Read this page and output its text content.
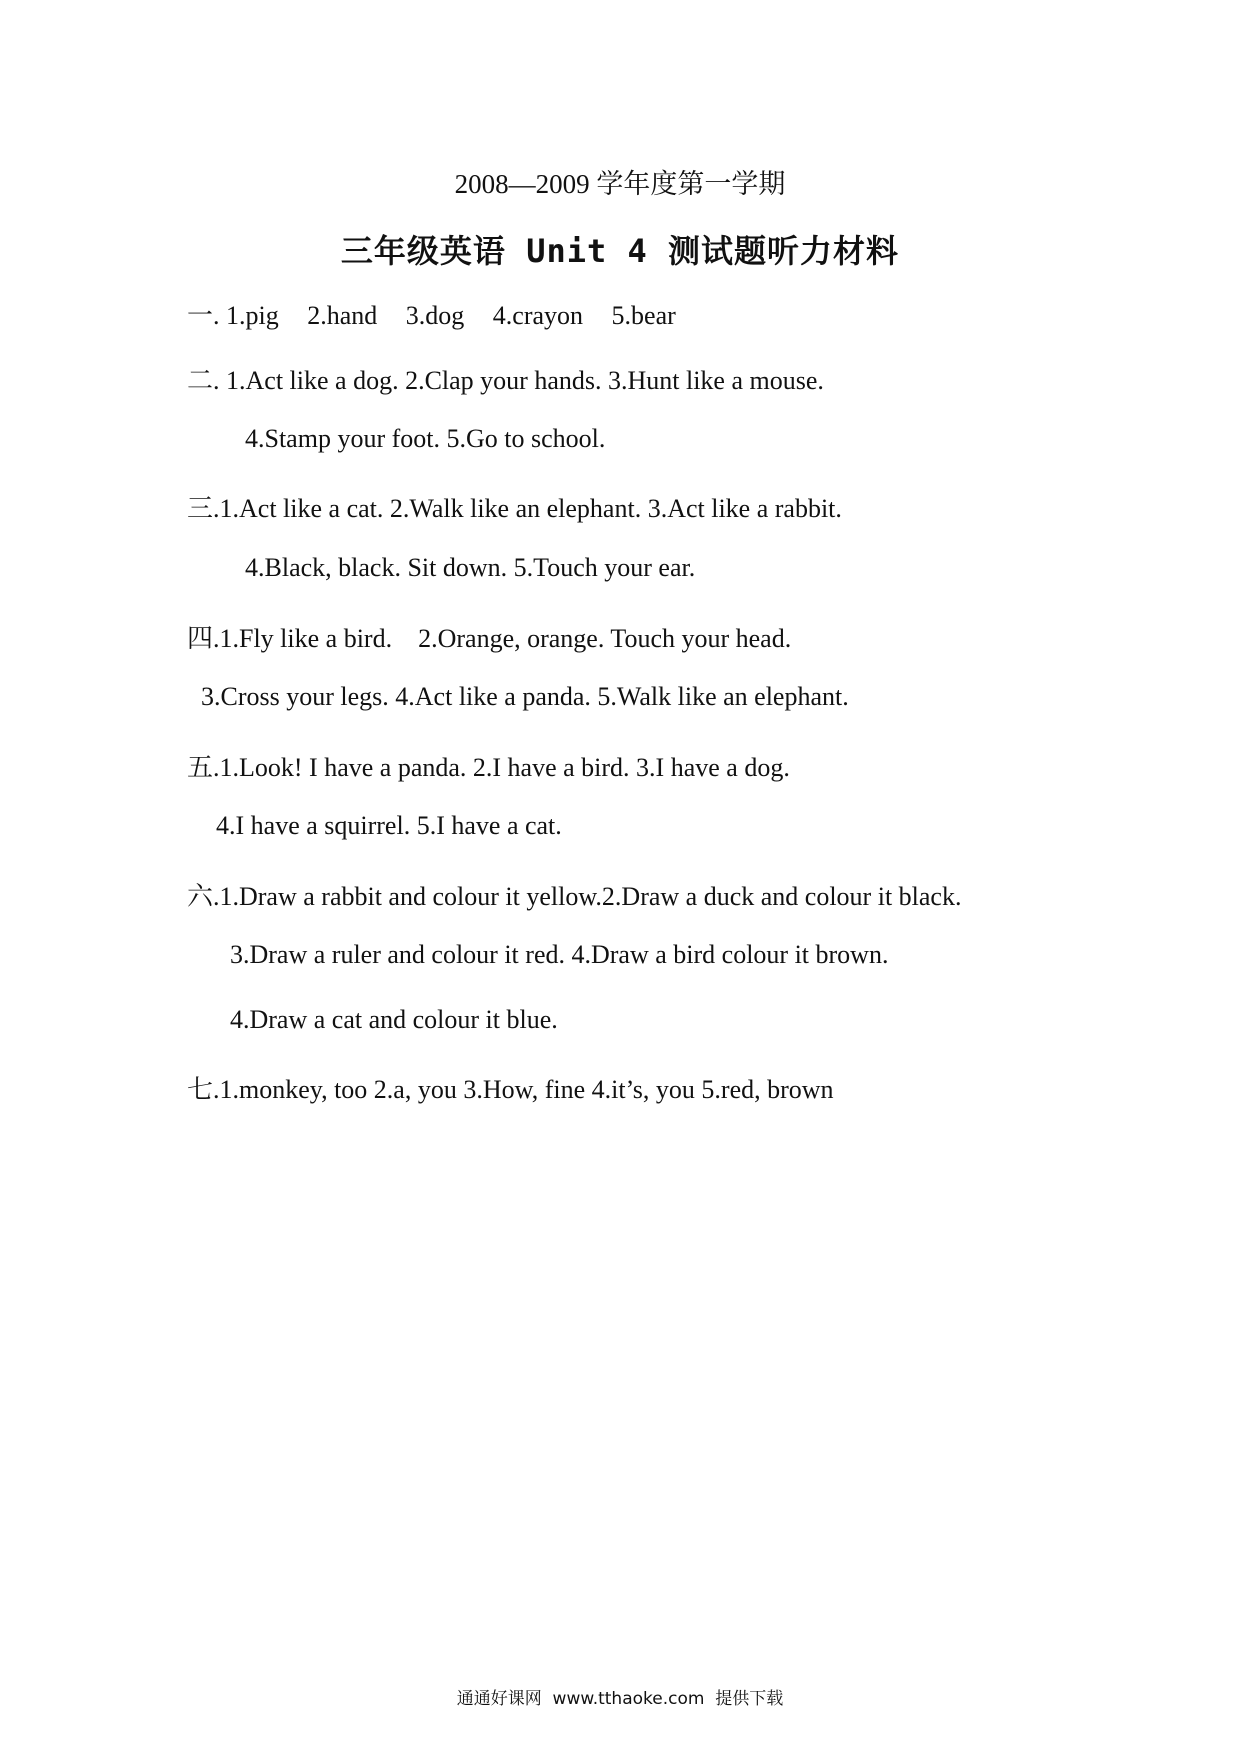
2008—2009 学年度第一学期
三年级英语 Unit 4 测试题听力材料
一. 1.pig 2.hand 3.dog 4.crayon 5.bear
二. 1.Act like a dog. 2.Clap your hands. 3.Hunt like a mouse.
4.Stamp your foot. 5.Go to school.
三.1.Act like a cat. 2.Walk like an elephant. 3.Act like a rabbit.
4.Black, black. Sit down. 5.Touch your ear.
四.1.Fly like a bird.    2.Orange, orange. Touch your head.
3.Cross your legs. 4.Act like a panda. 5.Walk like an elephant.
五.1.Look! I have a panda. 2.I have a bird. 3.I have a dog.
4.I have a squirrel. 5.I have a cat.
六.1.Draw a rabbit and colour it yellow.2.Draw a duck and colour it black.
3.Draw a ruler and colour it red. 4.Draw a bird colour it brown.
4.Draw a cat and colour it blue.
七.1.monkey, too 2.a, you 3.How, fine 4.it’s, you 5.red, brown
通通好课网  www.tthaoke.com  提供下载
